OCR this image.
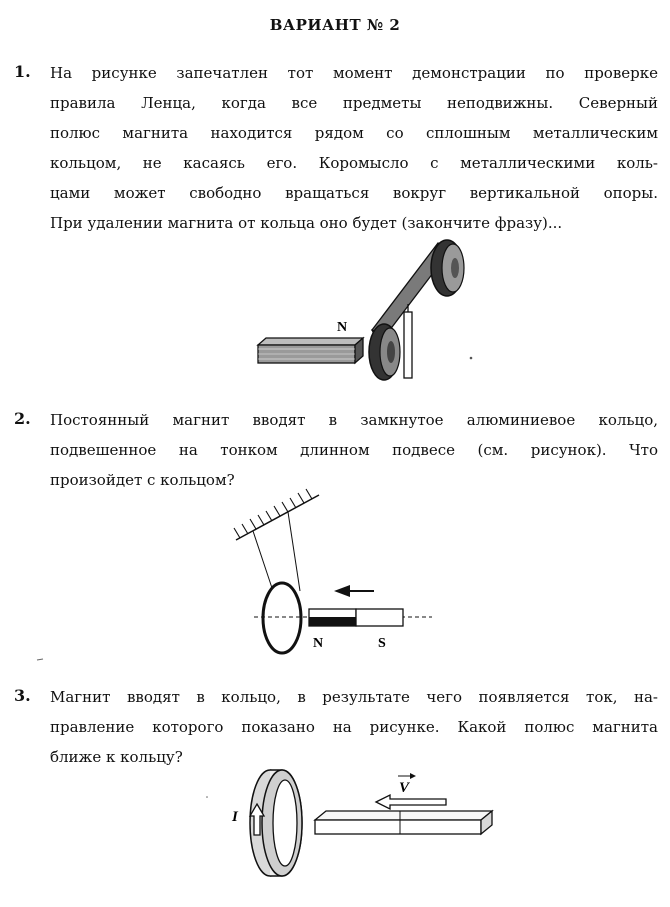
ВАРИАНТ № 2
1. На рисунке запечатлен тот момент демонстрации по проверке
правила Ленца, когда все предметы неподвижны. Северный
полюс магнита находится рядом со сплошным металлическим
кольцом, не касаясь его. Коромысло с металлическими коль-
цами может свободно вращаться вокруг вертикальной опоры.
При удалении магнита от кольца оно будет (закончите фразу)...
N
2. Постоянный магнит вводят в замкнутое алюминиевое кольцо,
подвешенное на тонком длинном подвесе (см. рисунок). Что
произойдет с кольцом?
N	S
3. Магнит вводят в кольцо, в результате чего появляется ток, на-
правление которого показано на рисунке. Какой полюс магнита
ближе к кольцу?
I
V
